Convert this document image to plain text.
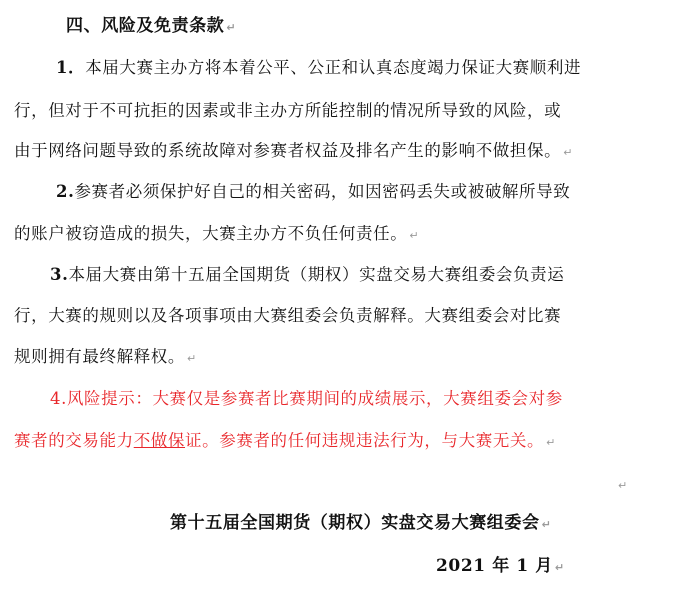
四、风险及免责条款 ↵
1．本届大赛主办方将本着公平、公正和认真态度竭力保证大赛顺利进
行，但对于不可抗拒的因素或非主办方所能控制的情况所导致的风险，或
由于网络问题导致的系统故障对参赛者权益及排名产生的影响不做担保。 ↵
2.参赛者必须保护好自己的相关密码，如因密码丢失或被破解所导致
的账户被窃造成的损失，大赛主办方不负任何责任。 ↵
3.本届大赛由第十五届全国期货（期权）实盘交易大赛组委会负责运
行，大赛的规则以及各项事项由大赛组委会负责解释。大赛组委会对比赛
规则拥有最终解释权。 ↵
4.风险提示：大赛仅是参赛者比赛期间的成绩展示，大赛组委会对参
赛者的交易能力不做保证。参赛者的任何违规违法行为，与大赛无关。 ↵
↵
第十五届全国期货（期权）实盘交易大赛组委会 ↵
2021 年 1 月 ↵
